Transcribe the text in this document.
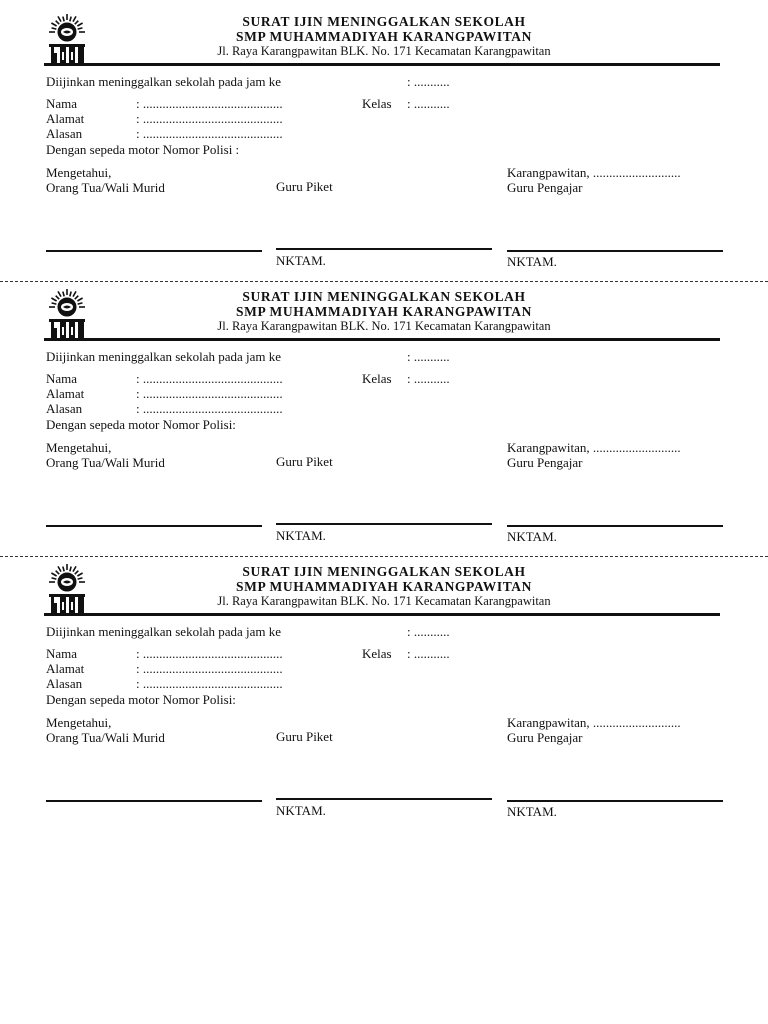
SURAT IJIN MENINGGALKAN SEKOLAH
SMP MUHAMMADIYAH KARANGPAWITAN
Jl. Raya Karangpawitan BLK. No. 171 Kecamatan Karangpawitan
Diijinkan meninggalkan sekolah pada jam ke	: ...........
Nama	: ...........................................	Kelas : ...........
Alamat	: ...........................................
Alasan	: ...........................................
Dengan sepeda motor Nomor Polisi :
Mengetahui,
Orang Tua/Wali Murid	Guru Piket
Karangpawitan, ...........................
Guru Pengajar
NKTAM.	NKTAM.
SURAT IJIN MENINGGALKAN SEKOLAH
SMP MUHAMMADIYAH KARANGPAWITAN
Jl. Raya Karangpawitan BLK. No. 171 Kecamatan Karangpawitan
Diijinkan meninggalkan sekolah pada jam ke	: ...........
Nama	: ...........................................	Kelas : ...........
Alamat	: ...........................................
Alasan	: ...........................................
Dengan sepeda motor Nomor Polisi:
Mengetahui,
Orang Tua/Wali Murid	Guru Piket
Karangpawitan, ...........................
Guru Pengajar
NKTAM.	NKTAM.
SURAT IJIN MENINGGALKAN SEKOLAH
SMP MUHAMMADIYAH KARANGPAWITAN
Jl. Raya Karangpawitan BLK. No. 171 Kecamatan Karangpawitan
Diijinkan meninggalkan sekolah pada jam ke	: ...........
Nama	: ...........................................	Kelas : ...........
Alamat	: ...........................................
Alasan	: ...........................................
Dengan sepeda motor Nomor Polisi:
Mengetahui,
Orang Tua/Wali Murid	Guru Piket
Karangpawitan, ...........................
Guru Pengajar
NKTAM.	NKTAM.
